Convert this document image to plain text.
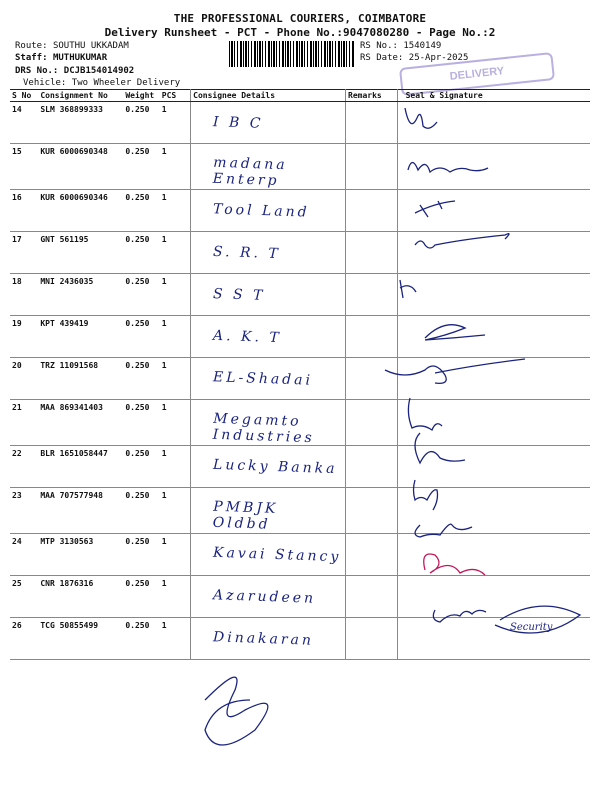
THE PROFESSIONAL COURIERS, COIMBATORE
Delivery Runsheet - PCT - Phone No.:9047080280 - Page No.:2
Route: SOUTHU UKKADAM
Staff: MUTHUKUMAR
DRS No.: DCJB154014902
Vehicle: Two Wheeler Delivery
RS No.: 1540149
RS Date: 25-Apr-2025
DELIVERY
S No	Consignment No	Weight	PCS	Consignee Details	Remarks	Seal & Signature
14	SLM 368899333	0.250	1	I B C		
15	KUR 6000690348	0.250	1	madana Enterp		
16	KUR 6000690346	0.250	1	Tool Land		
17	GNT 561195	0.250	1	S. R. T		
18	MNI 2436035	0.250	1	S S T		
19	KPT 439419	0.250	1	A. K. T		
20	TRZ 11091568	0.250	1	EL-Shadai		
21	MAA 869341403	0.250	1	Megamto Industries		
22	BLR 1651058447	0.250	1	Lucky Banka		
23	MAA 707577948	0.250	1	PMBJK Oldbd		
24	MTP 3130563	0.250	1	Kavai Stancy		
25	CNR 1876316	0.250	1	Azarudeen		
26	TCG 50855499	0.250	1	Dinakaran		
Security
